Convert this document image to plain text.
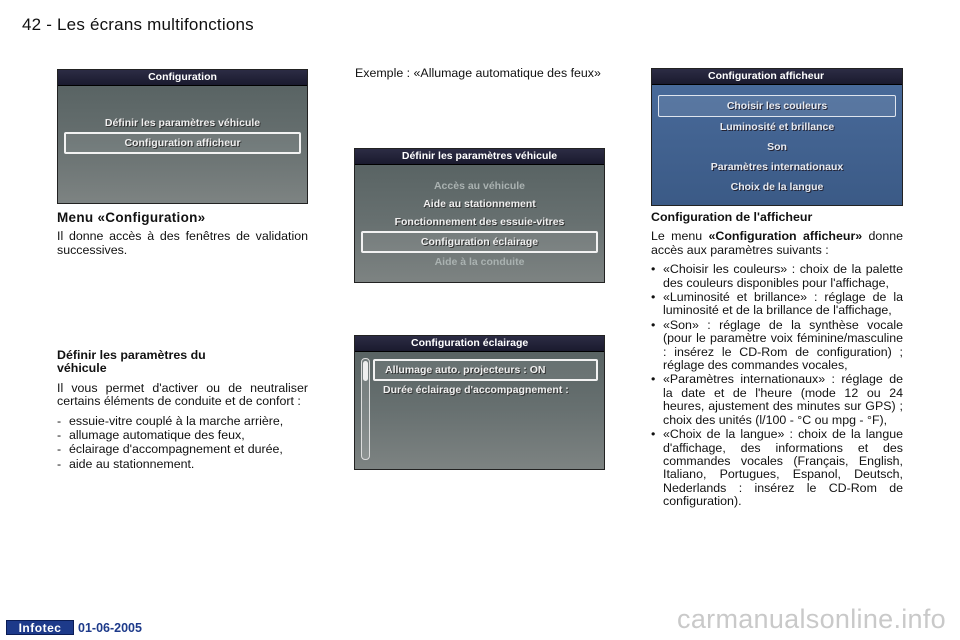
42 - Les écrans multifonctions
Configuration
Définir les paramètres véhicule
Configuration afficheur
Définir les paramètres véhicule
Accès au véhicule
Aide au stationnement
Fonctionnement des essuie-vitres
Configuration éclairage
Aide à la conduite
Configuration éclairage
Allumage auto. projecteurs : ON
Durée éclairage d'accompagnement :
Configuration afficheur
Choisir les couleurs
Luminosité et brillance
Son
Paramètres internationaux
Choix de la langue
Menu «Configuration»

Il donne accès à des fenêtres de validation successives.

Définir les paramètres du véhicule

Il vous permet d'activer ou de neutraliser certains éléments de conduite et de confort :

- essuie-vitre couplé à la marche arrière,
- allumage automatique des feux,
- éclairage d'accompagnement et durée,
- aide au stationnement.

Exemple : «Allumage automatique des feux»

Configuration de l'afficheur

Le menu «Configuration afficheur» donne accès aux paramètres suivants :

• «Choisir les couleurs» : choix de la palette des couleurs disponibles pour l'affichage,
• «Luminosité et brillance» : réglage de la luminosité et de la brillance de l'affichage,
• «Son» : réglage de la synthèse vocale (pour le paramètre voix féminine/masculine : insérez le CD-Rom de configuration) ; réglage des commandes vocales,
• «Paramètres internationaux» : réglage de la date et de l'heure (mode 12 ou 24 heures, ajustement des minutes sur GPS) ; choix des unités (l/100 - °C ou mpg - °F),
• «Choix de la langue» : choix de la langue d'affichage, des informations et des commandes vocales (Français, English, Italiano, Portugues, Espanol, Deutsch, Nederlands : insérez le CD-Rom de configuration).
Infotec	01-06-2005	carmanualsonline.info
